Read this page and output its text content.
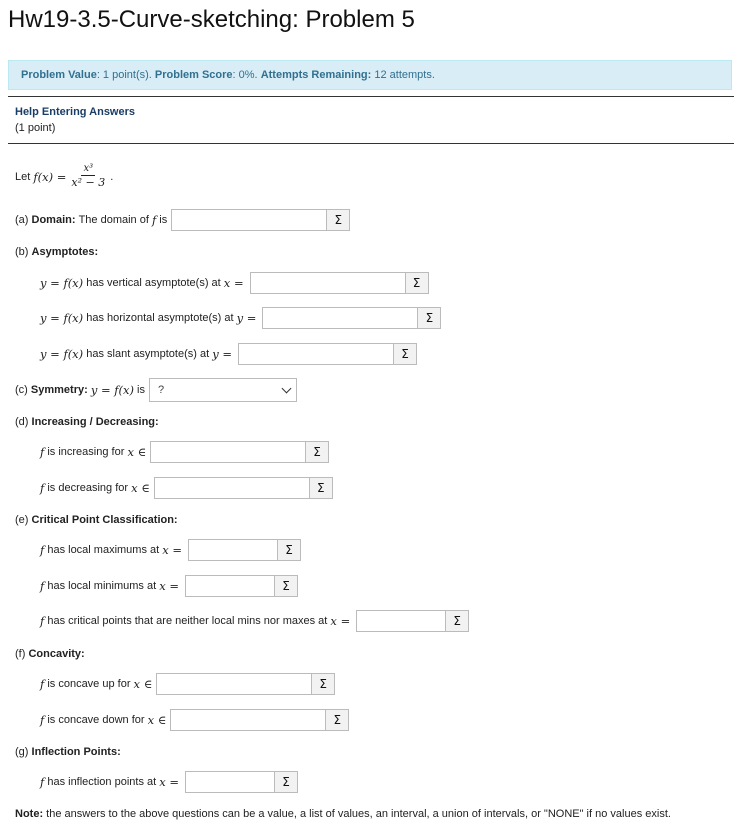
Hw19-3.5-Curve-sketching: Problem 5
Problem Value: 1 point(s). Problem Score: 0%. Attempts Remaining: 12 attempts.
Help Entering Answers
(1 point)
Let
$f(x) = \frac{\text{x³}}{\text{x² − 3}}$ .
(a)
Domain:
The domain of
f
is	Σ
(b) Asymptotes:
y = f(x)
has vertical asymptote(s) at
x =	Σ
y = f(x)
has horizontal asymptote(s) at
y =	Σ
y = f(x)
has slant asymptote(s) at
y =	Σ
(c)
Symmetry:
y = f(x)
is ?
(d) Increasing / Decreasing:
f
is increasing for
x ∈	Σ
f
is decreasing for
x ∈	Σ
(e) Critical Point Classification:
f
has local maximums at
x =	Σ
f
has local minimums at
x =	Σ
f
has critical points that are neither local mins nor maxes at
x =	Σ
(f) Concavity:
f
is concave up for
x ∈	Σ
f
is concave down for
x ∈	Σ
(g) Inflection Points:
f
has inflection points at
x =	Σ
Note:
the answers to the above questions can be a value, a list of values, an interval, a union of intervals, or "NONE" if no values exist.
